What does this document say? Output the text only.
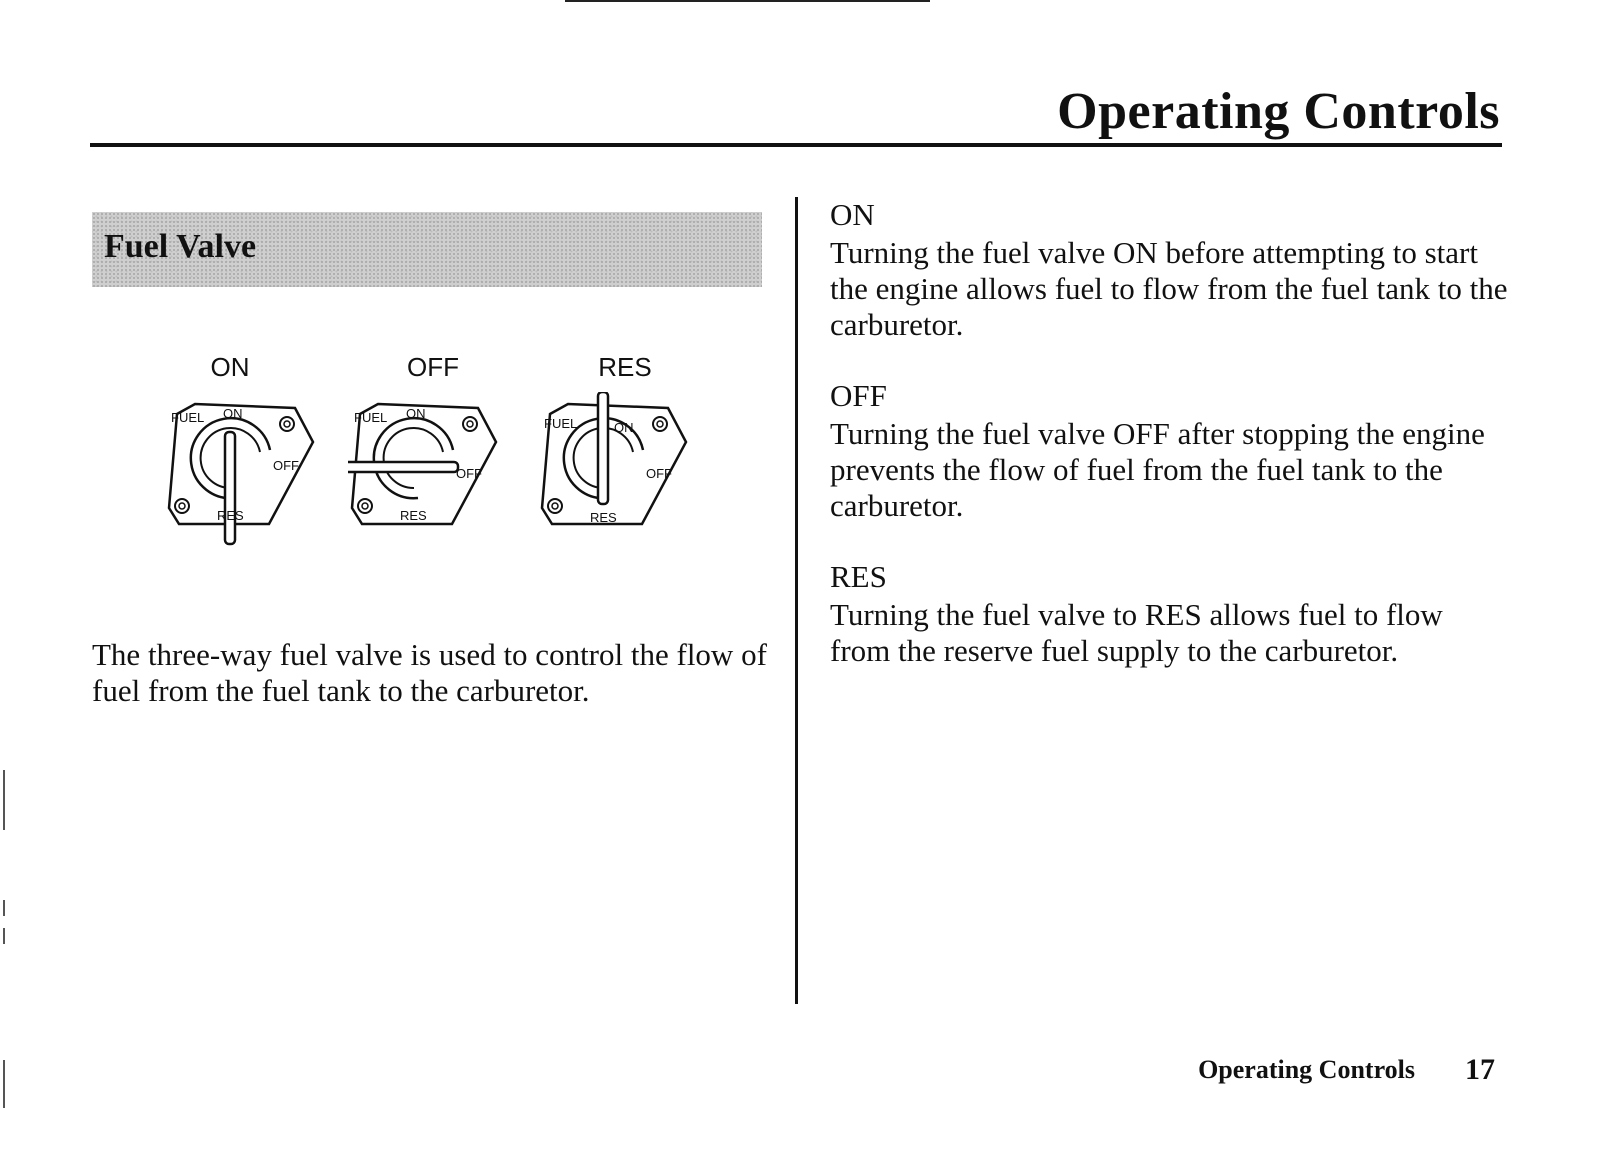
Operating Controls
Fuel Valve
ON	OFF	RES
FUEL ON
OFF
RES
FUEL ON
OFF
RES
FUEL	ON
OFF
RES

The three-way fuel valve is used to control the flow of fuel from the fuel tank to the carburetor.

ON

Turning the fuel valve ON before attempting to start the engine allows fuel to flow from the fuel tank to the carburetor.

OFF

Turning the fuel valve OFF after stopping the engine prevents the flow of fuel from the fuel tank to the carburetor.

RES

Turning the fuel valve to RES allows fuel to flow from the reserve fuel supply to the carburetor.

Operating Controls 17
